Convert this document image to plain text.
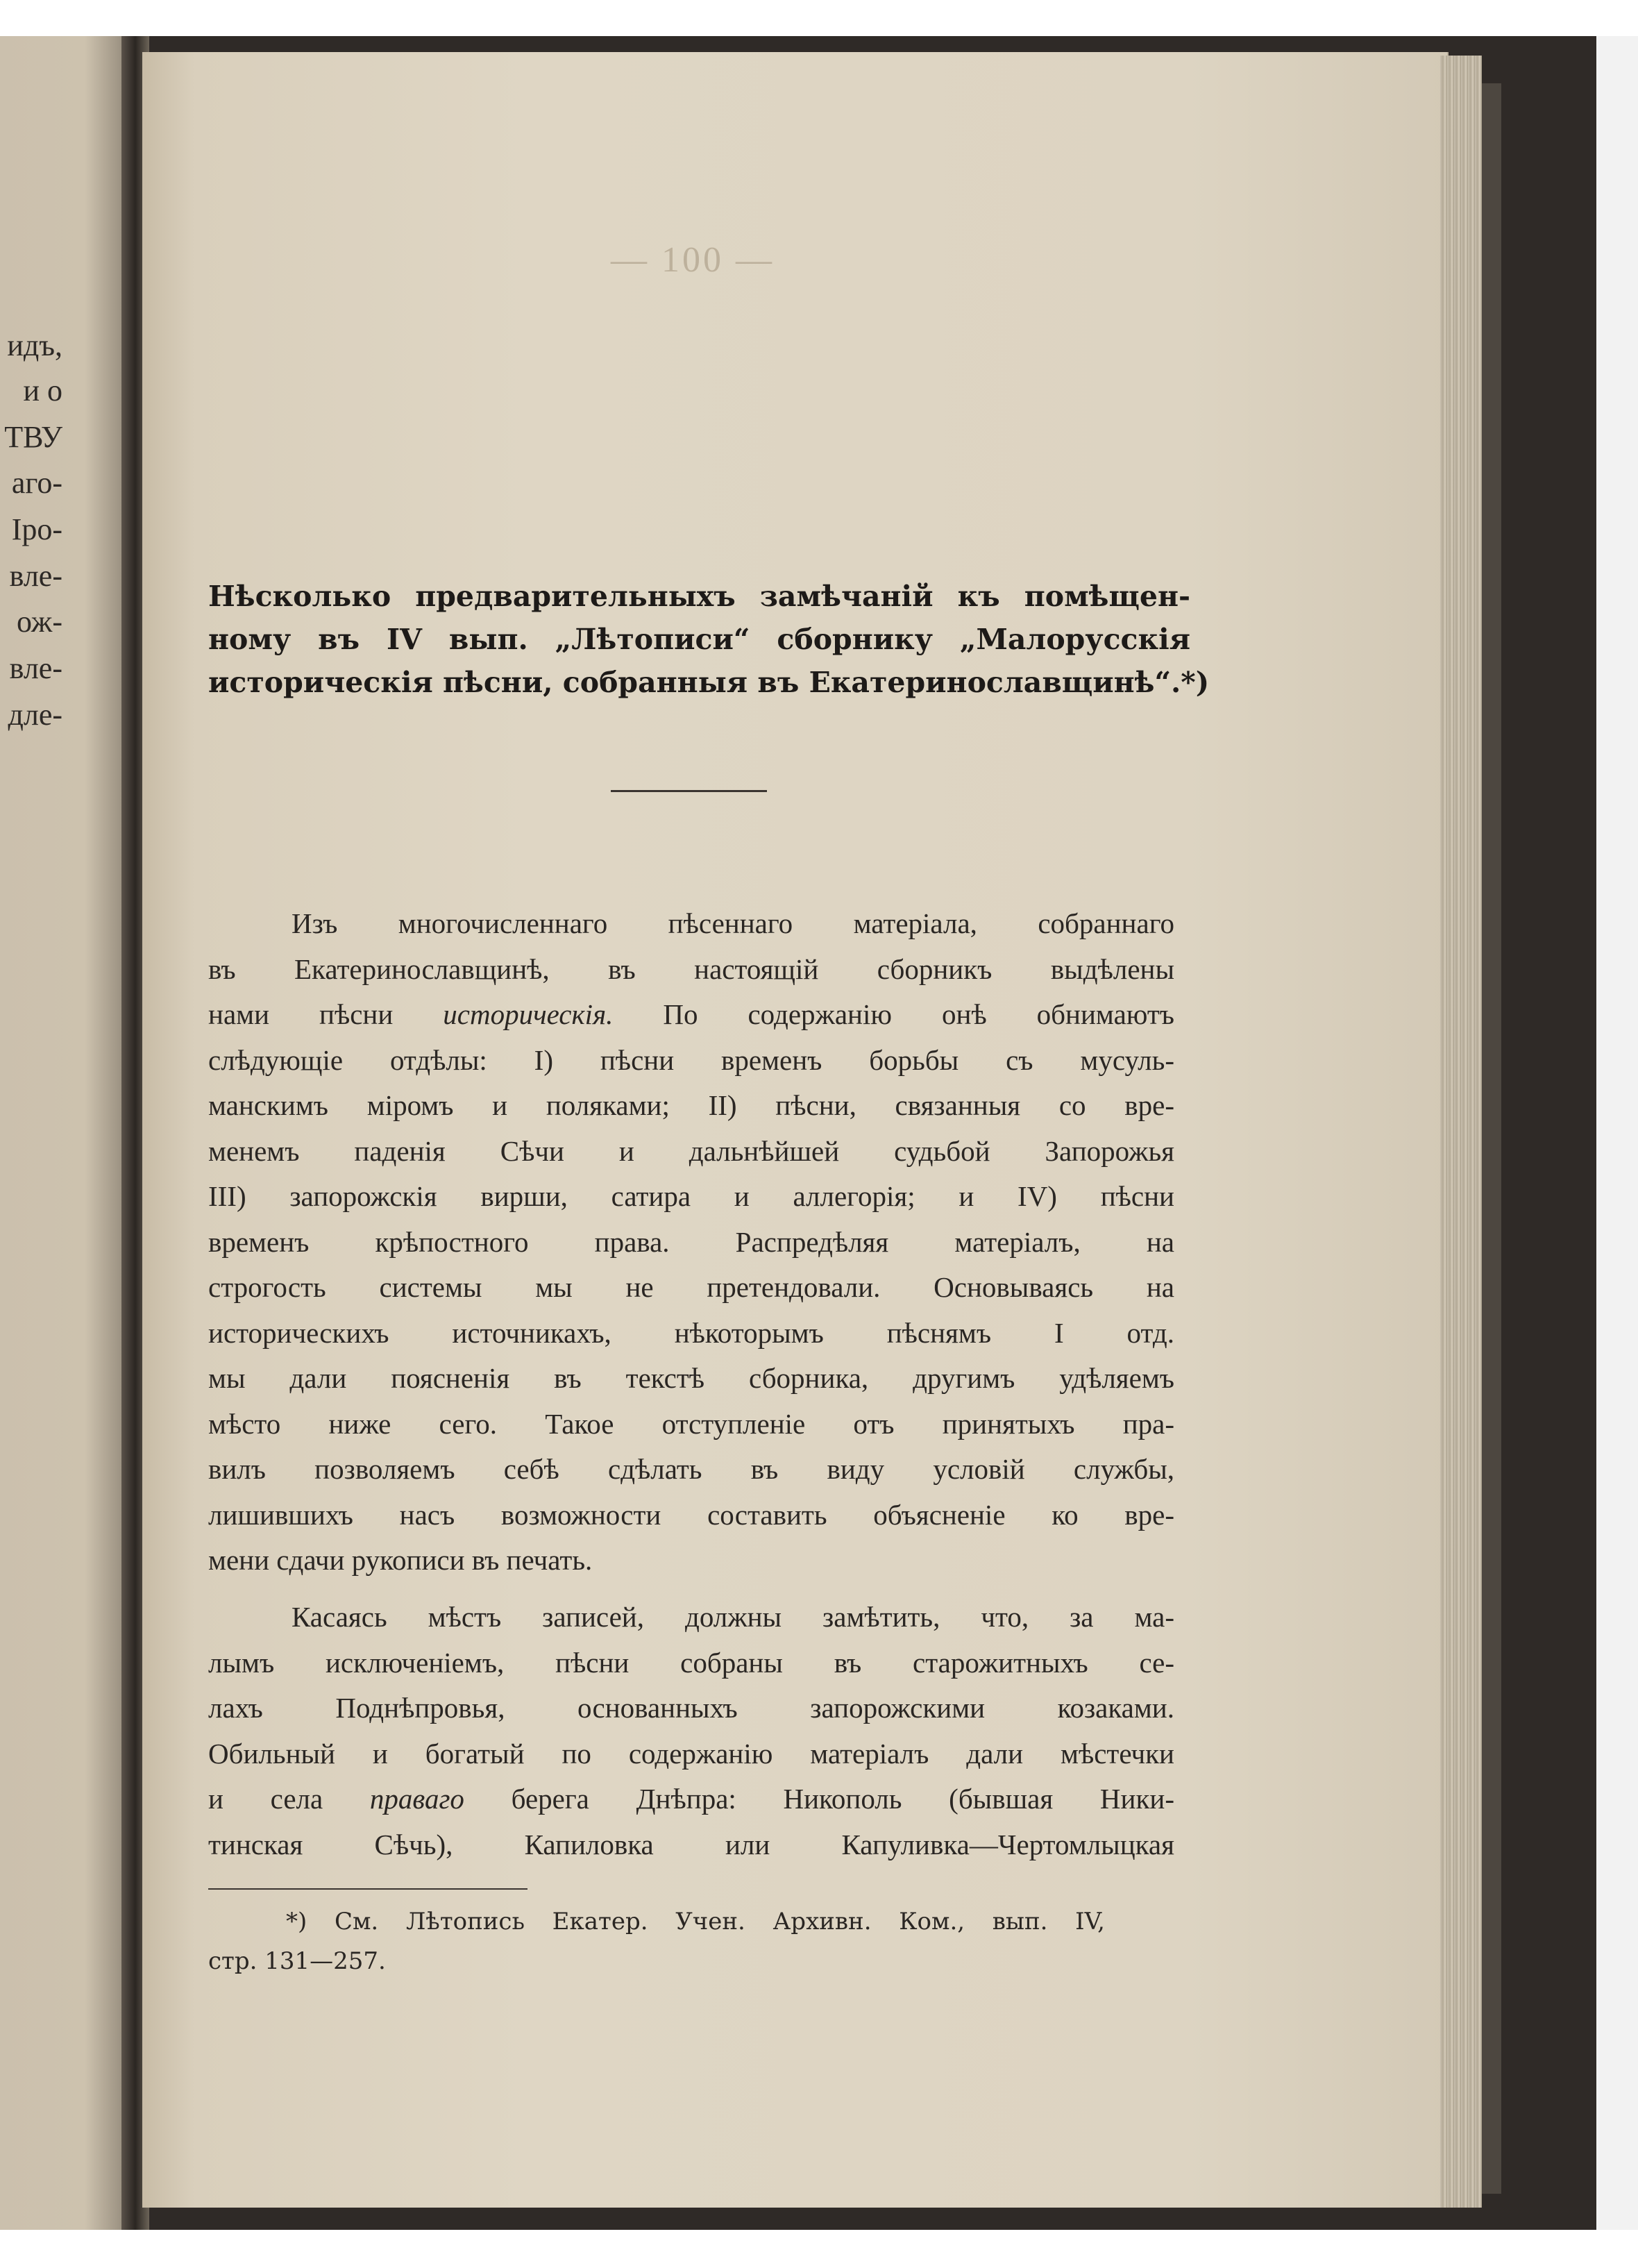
идъ,
и о
ТВУ
аго-
Іро-
вле-
ож-
вле-
дле-
— 100 —
Нѣсколько предварительныхъ замѣчаній къ помѣщен-
ному въ IV вып. „Лѣтописи“ сборнику „Малорусскія
историческія пѣсни, собранныя въ Екатеринославщинѣ“.*)
Изъ многочисленнаго пѣсеннаго матеріала, собраннаго
въ Екатеринославщинѣ, въ настоящій сборникъ выдѣлены
нами пѣсни историческія. По содержанію онѣ обнимаютъ
слѣдующіе отдѣлы: I) пѣсни временъ борьбы съ мусуль-
манскимъ міромъ и поляками; II) пѣсни, связанныя со вре-
менемъ паденія Сѣчи и дальнѣйшей судьбой Запорожья
III) запорожскія вирши, сатира и аллегорія; и IV) пѣсни
временъ крѣпостного права. Распредѣляя матеріалъ, на
строгость системы мы не претендовали. Основываясь на
историческихъ источникахъ, нѣкоторымъ пѣснямъ I отд.
мы дали поясненія въ текстѣ сборника, другимъ удѣляемъ
мѣсто ниже сего. Такое отступленіе отъ принятыхъ пра-
вилъ позволяемъ себѣ сдѣлать въ виду условій службы,
лишившихъ насъ возможности составить объясненіе ко вре-
мени сдачи рукописи въ печать.
Касаясь мѣстъ записей, должны замѣтить, что, за ма-
лымъ исключеніемъ, пѣсни собраны въ старожитныхъ се-
лахъ Поднѣпровья, основанныхъ запорожскими козаками.
Обильный и богатый по содержанію матеріалъ дали мѣстечки
и села праваго берега Днѣпра: Никополь (бывшая Ники-
тинская Сѣчь), Капиловка или Капуливка—Чертомлыцкая
*) См. Лѣтопись Екатер. Учен. Архивн. Ком., вып. IV,
стр. 131—257.
